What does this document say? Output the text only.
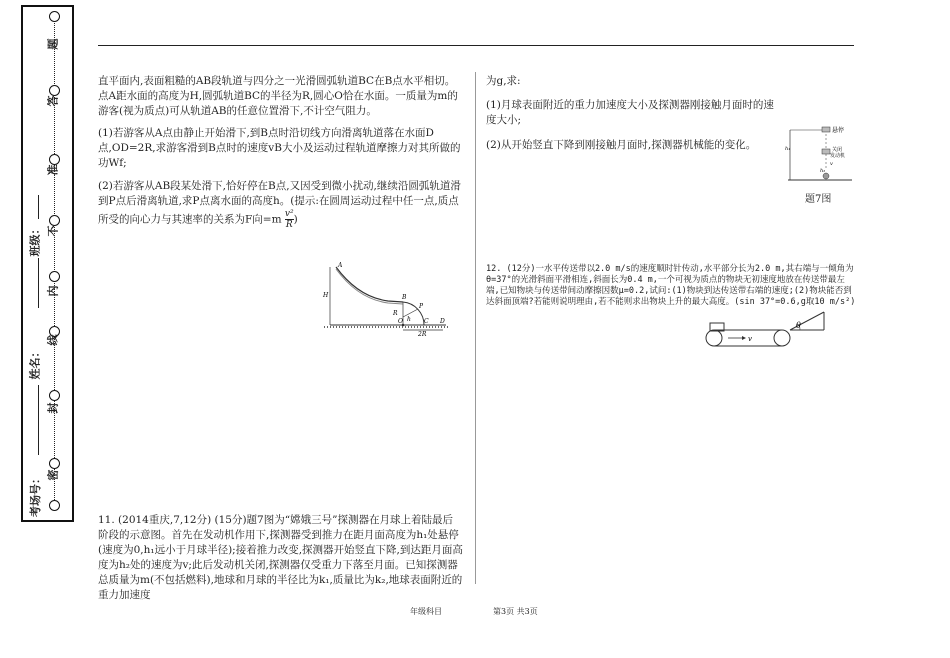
题
答
准
不
内
线
封
密
班级：
姓名：
考场号：

直平面内,表面粗糙的AB段轨道与四分之一光滑圆弧轨道BC在B点水平相切。点A距水面的高度为H,圆弧轨道BC的半径为R,圆心O恰在水面。一质量为m的游客(视为质点)可从轨道AB的任意位置滑下,不计空气阻力。

(1)若游客从A点由静止开始滑下,到B点时沿切线方向滑离轨道落在水面D点,OD=2R,求游客滑到B点时的速度vB大小及运动过程轨道摩擦力对其所做的功Wf;

(2)若游客从AB段某处滑下,恰好停在B点,又因受到微小扰动,继续沿圆弧轨道滑到P点后滑离轨道,求P点离水面的高度h。(提示:在圆周运动过程中任一点,质点所受的向心力与其速率的关系为F向$=m \frac{\text{v²}}{R}$ )

A
H	B
P
R
h
O	C D
2R

11. (2014重庆,7,12分) (15分)题7图为“嫦娥三号”探测器在月球上着陆最后阶段的示意图。首先在发动机作用下,探测器受到推力在距月面高度为h₁处悬停(速度为0,h₁远小于月球半径);接着推力改变,探测器开始竖直下降,到达距月面高度为h₂处的速度为v;此后发动机关闭,探测器仅受重力下落至月面。已知探测器总质量为m(不包括燃料),地球和月球的半径比为k₁,质量比为k₂,地球表面附近的重力加速度

为g,求:

(1)月球表面附近的重力加速度大小及探测器刚接触月面时的速度大小;

(2)从开始竖直下降到刚接触月面时,探测器机械能的变化。

悬停
h₁	关闭
发动机
v
h₂
题7图
12. (12分)一水平传送带以2.0 m/s的速度顺时针传动,水平部分长为2.0 m,其右端与一倾角为θ=37°的光滑斜面平滑相连,斜面长为0.4 m,一个可视为质点的物块无初速度地放在传送带最左端,已知物块与传送带间动摩擦因数μ=0.2,试问:(1)物块到达传送带右端的速度;(2)物块能否到达斜面顶端?若能则说明理由,若不能则求出物块上升的最大高度。(sin 37°=0.6,g取10 m/s²)
v
θ
年级科目	第3页 共3页
